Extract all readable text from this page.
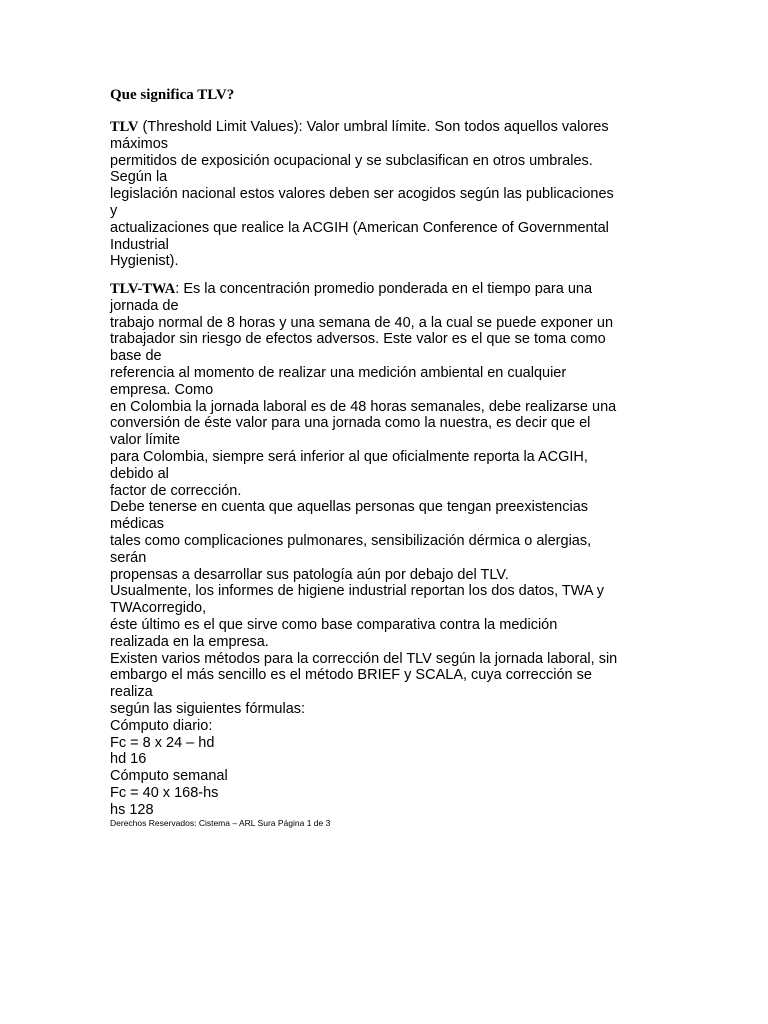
Que significa TLV?
TLV (Threshold Limit Values): Valor umbral límite. Son todos aquellos valores
máximos
permitidos de exposición ocupacional y se subclasifican en otros umbrales.
Según la
legislación nacional estos valores deben ser acogidos según las publicaciones
y
actualizaciones que realice la ACGIH (American Conference of Governmental
Industrial
Hygienist).
TLV-TWA: Es la concentración promedio ponderada en el tiempo para una
jornada de
trabajo normal de 8 horas y una semana de 40, a la cual se puede exponer un
trabajador sin riesgo de efectos adversos. Este valor es el que se toma como
base de
referencia al momento de realizar una medición ambiental en cualquier
empresa. Como
en Colombia la jornada laboral es de 48 horas semanales, debe realizarse una
conversión de éste valor para una jornada como la nuestra, es decir que el
valor límite
para Colombia, siempre será inferior al que oficialmente reporta la ACGIH,
debido al
factor de corrección.
Debe tenerse en cuenta que aquellas personas que tengan preexistencias
médicas
tales como complicaciones pulmonares, sensibilización dérmica o alergias,
serán
propensas a desarrollar sus patología aún por debajo del TLV.
Usualmente, los informes de higiene industrial reportan los dos datos, TWA y
TWAcorregido,
éste último es el que sirve como base comparativa contra la medición
realizada en la empresa.
Existen varios métodos para la corrección del TLV según la jornada laboral, sin
embargo el más sencillo es el método BRIEF y SCALA, cuya corrección se
realiza
según las siguientes fórmulas:
Cómputo diario:
Fc = 8 x 24 – hd
hd 16
Cómputo semanal
Fc = 40 x 168-hs
hs 128
Derechos Reservados: Cistema – ARL Sura Página 1 de 3
